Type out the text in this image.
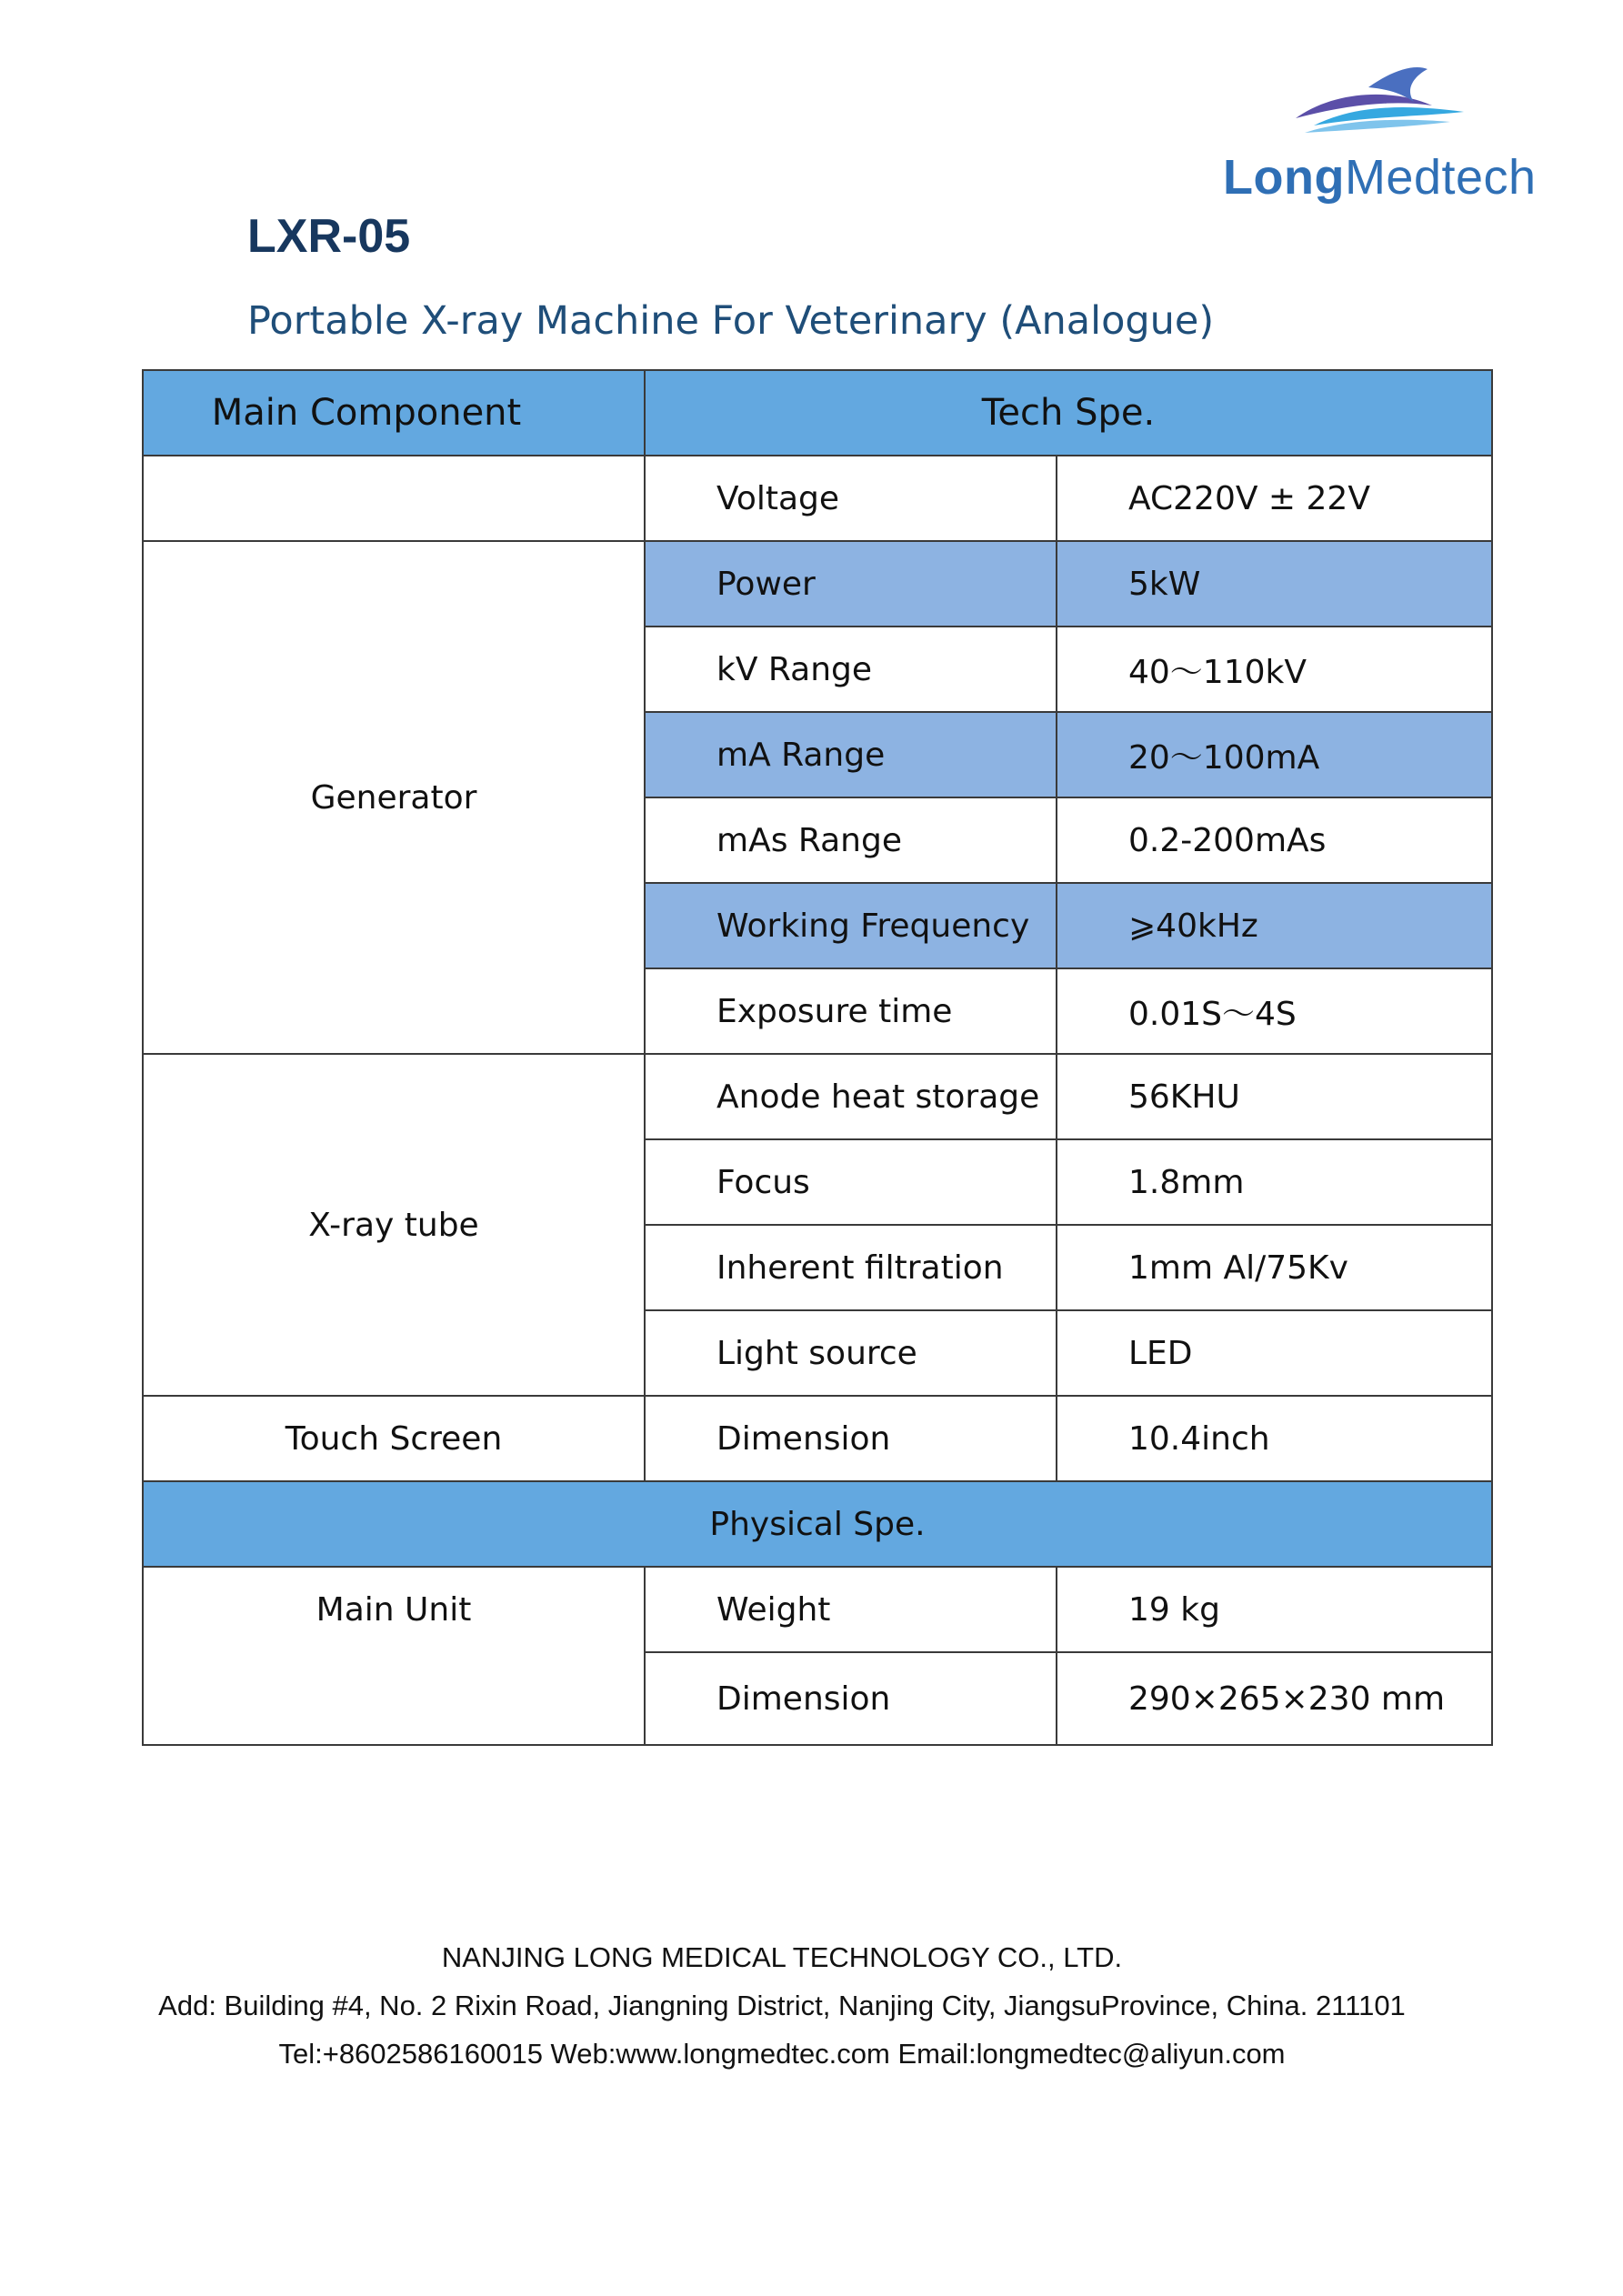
LongMedtech
LXR-05
Portable X-ray Machine For Veterinary (Analogue)
Main Component	Tech Spe.	
	Voltage	AC220V ± 22V
Generator	Power	5kW
	kV Range	40～110kV
	mA Range	20～100mA
	mAs Range	0.2-200mAs
	Working Frequency	⩾40kHz
	Exposure time	0.01S～4S
X-ray tube	Anode heat storage	56KHU
	Focus	1.8mm
	Inherent filtration	1mm Al/75Kv
	Light source	LED
Touch Screen	Dimension	10.4inch
Physical Spe.		
Main Unit	Weight	19 kg
	Dimension	290×265×230 mm
NANJING LONG MEDICAL TECHNOLOGY CO., LTD.
Add: Building #4, No. 2 Rixin Road, Jiangning District, Nanjing City, JiangsuProvince, China. 211101
Tel:+8602586160015 Web:www.longmedtec.com Email:longmedtec@aliyun.com
